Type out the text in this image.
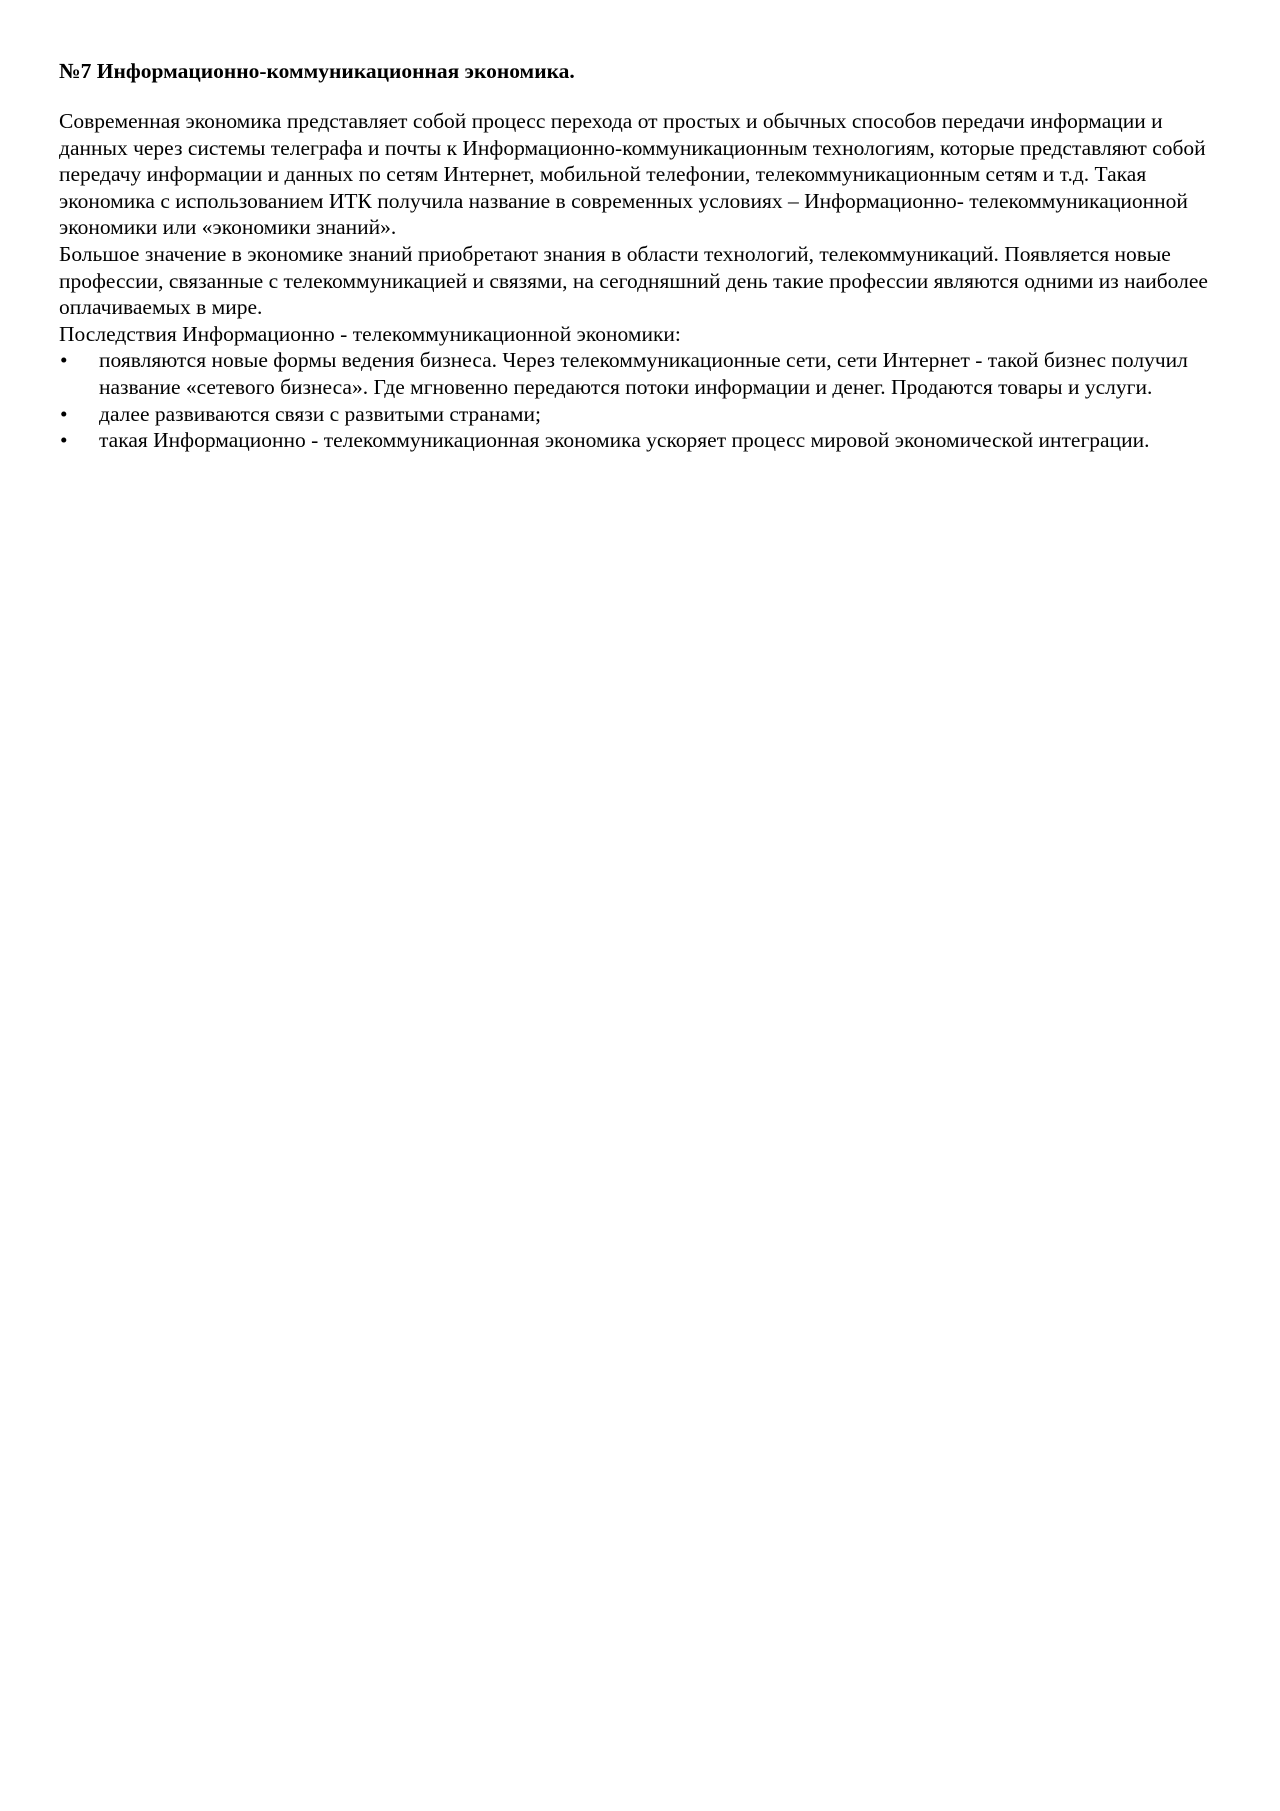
№7 Информационно-коммуникационная экономика.

Современная экономика представляет собой процесс перехода от простых и обычных способов передачи информации и данных через системы телеграфа и почты к Информационно-коммуникационным технологиям, которые представляют собой передачу информации и данных по сетям Интернет, мобильной телефонии, телекоммуникационным сетям и т.д. Такая экономика с использованием ИТК получила название в современных условиях – Информационно- телекоммуникационной экономики или «экономики знаний».

Большое значение в экономике знаний приобретают знания в области технологий, телекоммуникаций. Появляется новые профессии, связанные с телекоммуникацией и связями, на сегодняшний день такие профессии являются одними из наиболее оплачиваемых в мире.

Последствия Информационно - телекоммуникационной экономики:

• появляются новые формы ведения бизнеса. Через телекоммуникационные сети, сети Интернет - такой бизнес получил название «сетевого бизнеса». Где мгновенно передаются потоки информации и денег. Продаются товары и услуги.
• далее развиваются связи с развитыми странами;
• такая Информационно - телекоммуникационная экономика ускоряет процесс мировой экономической интеграции.
